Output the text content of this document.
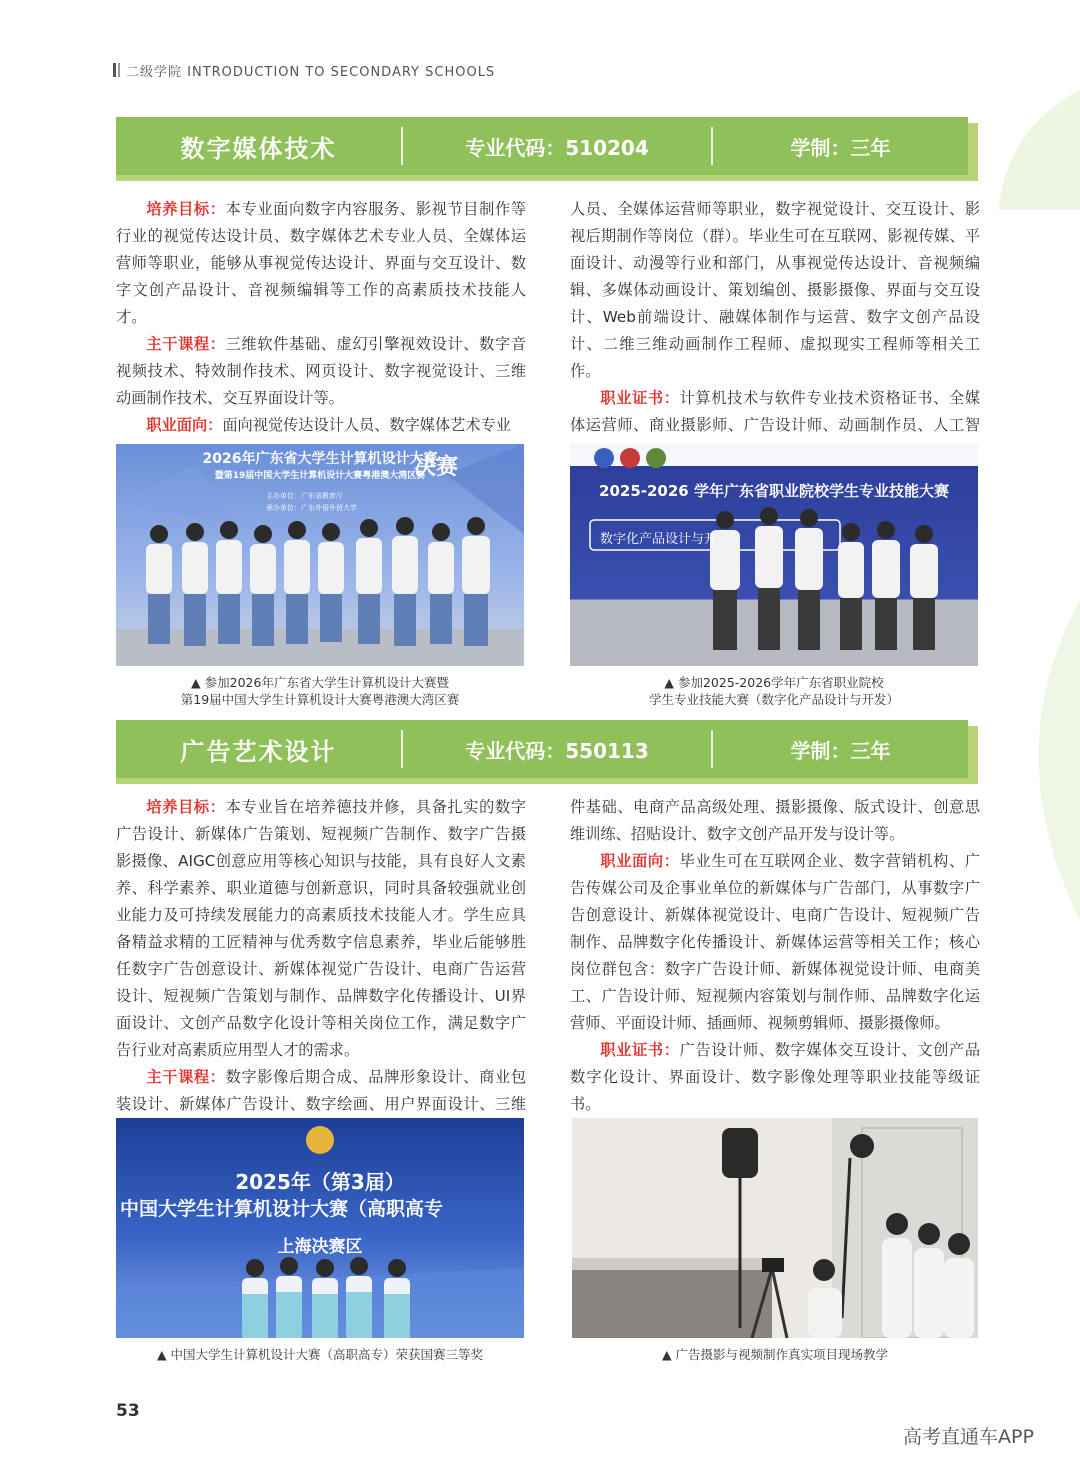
二级学院 INTRODUCTION TO SECONDARY SCHOOLS
数字媒体技术	专业代码：510204	学制：三年

培养目标：本专业面向数字内容服务、影视节目制作等行业的视觉传达设计员、数字媒体艺术专业人员、全媒体运营师等职业，能够从事视觉传达设计、界面与交互设计、数字文创产品设计、音视频编辑等工作的高素质技术技能人才。

主干课程：三维软件基础、虚幻引擎视效设计、数字音视频技术、特效制作技术、网页设计、数字视觉设计、三维动画制作技术、交互界面设计等。

职业面向：面向视觉传达设计人员、数字媒体艺术专业

人员、全媒体运营师等职业，数字视觉设计、交互设计、影视后期制作等岗位（群）。毕业生可在互联网、影视传媒、平面设计、动漫等行业和部门，从事视觉传达设计、音视频编辑、多媒体动画设计、策划编创、摄影摄像、界面与交互设计、Web前端设计、融媒体制作与运营、数字文创产品设计、二维三维动画制作工程师、虚拟现实工程师等相关工作。

职业证书：计算机技术与软件专业技术资格证书、全媒体运营师、商业摄影师、广告设计师、动画制作员、人工智

2026年广东省大学生计算机设计大赛
暨第19届中国大学生计算机设计大赛粤港澳大湾区赛
决赛
主办单位：广东省教育厅
承办单位：广东外语外贸大学
▲ 参加2026年广东省大学生计算机设计大赛暨
第19届中国大学生计算机设计大赛粤港澳大湾区赛
2025-2026 学年广东省职业院校学生专业技能大赛
数字化产品设计与开
▲ 参加2025-2026学年广东省职业院校
学生专业技能大赛（数字化产品设计与开发）
广告艺术设计	专业代码：550113	学制：三年

培养目标：本专业旨在培养德技并修，具备扎实的数字广告设计、新媒体广告策划、短视频广告制作、数字广告摄影摄像、AIGC创意应用等核心知识与技能，具有良好人文素养、科学素养、职业道德与创新意识，同时具备较强就业创业能力及可持续发展能力的高素质技术技能人才。学生应具备精益求精的工匠精神与优秀数字信息素养，毕业后能够胜任数字广告创意设计、新媒体视觉广告设计、电商广告运营设计、短视频广告策划与制作、品牌数字化传播设计、UI界面设计、文创产品数字化设计等相关岗位工作，满足数字广告行业对高素质应用型人才的需求。

主干课程：数字影像后期合成、品牌形象设计、商业包装设计、新媒体广告设计、数字绘画、用户界面设计、三维

件基础、电商产品高级处理、摄影摄像、版式设计、创意思维训练、招贴设计、数字文创产品开发与设计等。

职业面向：毕业生可在互联网企业、数字营销机构、广告传媒公司及企事业单位的新媒体与广告部门，从事数字广告创意设计、新媒体视觉设计、电商广告设计、短视频广告制作、品牌数字化传播设计、新媒体运营等相关工作；核心岗位群包含：数字广告设计师、新媒体视觉设计师、电商美工、广告设计师、短视频内容策划与制作师、品牌数字化运营师、平面设计师、插画师、视频剪辑师、摄影摄像师。

职业证书：广告设计师、数字媒体交互设计、文创产品数字化设计、界面设计、数字影像处理等职业技能等级证书。

2025年（第3届）
中国大学生计算机设计大赛（高职高专
上海决赛区
▲ 中国大学生计算机设计大赛（高职高专）荣获国赛三等奖	▲ 广告摄影与视频制作真实项目现场教学
53
高考直通车APP
